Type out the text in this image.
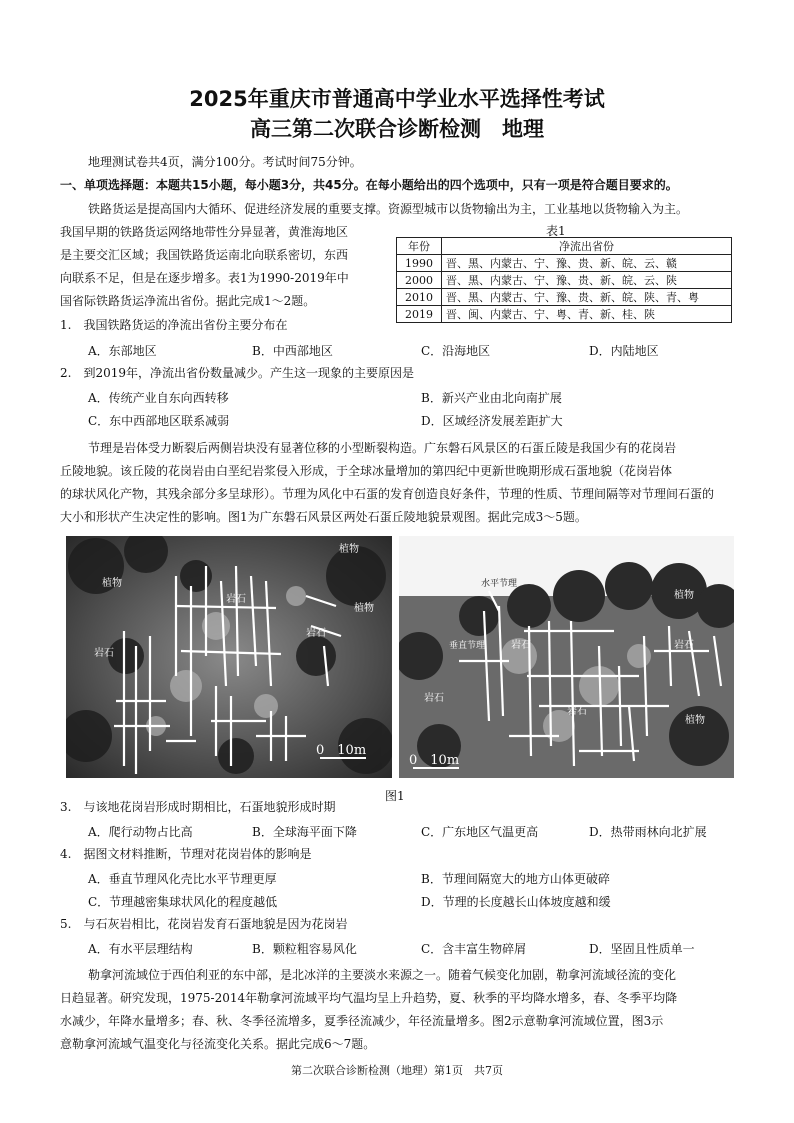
2025年重庆市普通高中学业水平选择性考试
高三第二次联合诊断检测　地理
地理测试卷共4页，满分100分。考试时间75分钟。
一、单项选择题：本题共15小题，每小题3分，共45分。在每小题给出的四个选项中，只有一项是符合题目要求的。
铁路货运是提高国内大循环、促进经济发展的重要支撑。资源型城市以货物输出为主，工业基地以货物输入为主。
我国早期的铁路货运网络地带性分异显著，黄淮海地区
是主要交汇区域；我国铁路货运南北向联系密切，东西
向联系不足，但是在逐步增多。表1为1990-2019年中
国省际铁路货运净流出省份。据此完成1～2题。
表1
年份	净流出省份
1990	晋、黑、内蒙古、宁、豫、贵、新、皖、云、赣
2000	晋、黑、内蒙古、宁、豫、贵、新、皖、云、陕
2010	晋、黑、内蒙古、宁、豫、贵、新、皖、陕、青、粤
2019	晋、闽、内蒙古、宁、粤、青、新、桂、陕
1.　我国铁路货运的净流出省份主要分布在
A．东部地区	B．中西部地区	C．沿海地区	D．内陆地区
2.　到2019年，净流出省份数量减少。产生这一现象的主要原因是
A．传统产业自东向西转移	B．新兴产业由北向南扩展
C．东中西部地区联系减弱	D．区域经济发展差距扩大
节理是岩体受力断裂后两侧岩块没有显著位移的小型断裂构造。广东磐石风景区的石蛋丘陵是我国少有的花岗岩
丘陵地貌。该丘陵的花岗岩由白垩纪岩浆侵入形成，于全球冰量增加的第四纪中更新世晚期形成石蛋地貌（花岗岩体
的球状风化产物，其残余部分多呈球形）。节理为风化中石蛋的发育创造良好条件，节理的性质、节理间隔等对节理间石蛋的
大小和形状产生决定性的影响。图1为广东磐石风景区两处石蛋丘陵地貌景观图。据此完成3～5题。
植物
岩石
植物
岩石
植物
岩石
0　10m
水平节理
垂直节理	岩石	岩石
岩石
岩石
植物
植物
0　10m
图1
3.　与该地花岗岩形成时期相比，石蛋地貌形成时期
A．爬行动物占比高	B．全球海平面下降	C．广东地区气温更高	D．热带雨林向北扩展
4.　据图文材料推断，节理对花岗岩体的影响是
A．垂直节理风化壳比水平节理更厚	B．节理间隔宽大的地方山体更破碎
C．节理越密集球状风化的程度越低	D．节理的长度越长山体坡度越和缓
5.　与石灰岩相比，花岗岩发育石蛋地貌是因为花岗岩
A．有水平层理结构	B．颗粒粗容易风化	C．含丰富生物碎屑	D．坚固且性质单一
勒拿河流域位于西伯利亚的东中部，是北冰洋的主要淡水来源之一。随着气候变化加剧，勒拿河流域径流的变化
日趋显著。研究发现，1975-2014年勒拿河流域平均气温均呈上升趋势，夏、秋季的平均降水增多，春、冬季平均降
水减少，年降水量增多；春、秋、冬季径流增多，夏季径流减少，年径流量增多。图2示意勒拿河流域位置，图3示
意勒拿河流域气温变化与径流变化关系。据此完成6～7题。
第二次联合诊断检测（地理）第1页　共7页
